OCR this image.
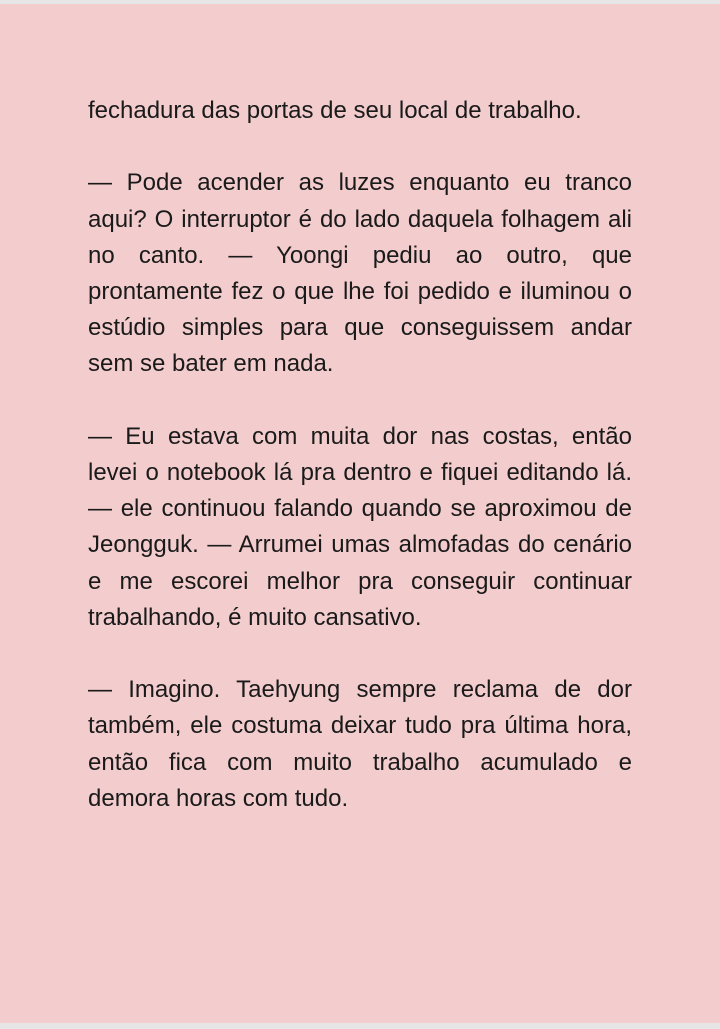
fechadura das portas de seu local de trabalho.

— Pode acender as luzes enquanto eu tranco aqui? O interruptor é do lado daquela folhagem ali no canto. — Yoongi pediu ao outro, que prontamente fez o que lhe foi pedido e iluminou o estúdio simples para que conseguissem andar sem se bater em nada.

— Eu estava com muita dor nas costas, então levei o notebook lá pra dentro e fiquei editando lá. — ele continuou falando quando se aproximou de Jeongguk. — Arrumei umas almofadas do cenário e me escorei melhor pra conseguir continuar trabalhando, é muito cansativo.

— Imagino. Taehyung sempre reclama de dor também, ele costuma deixar tudo pra última hora, então fica com muito trabalho acumulado e demora horas com tudo.
